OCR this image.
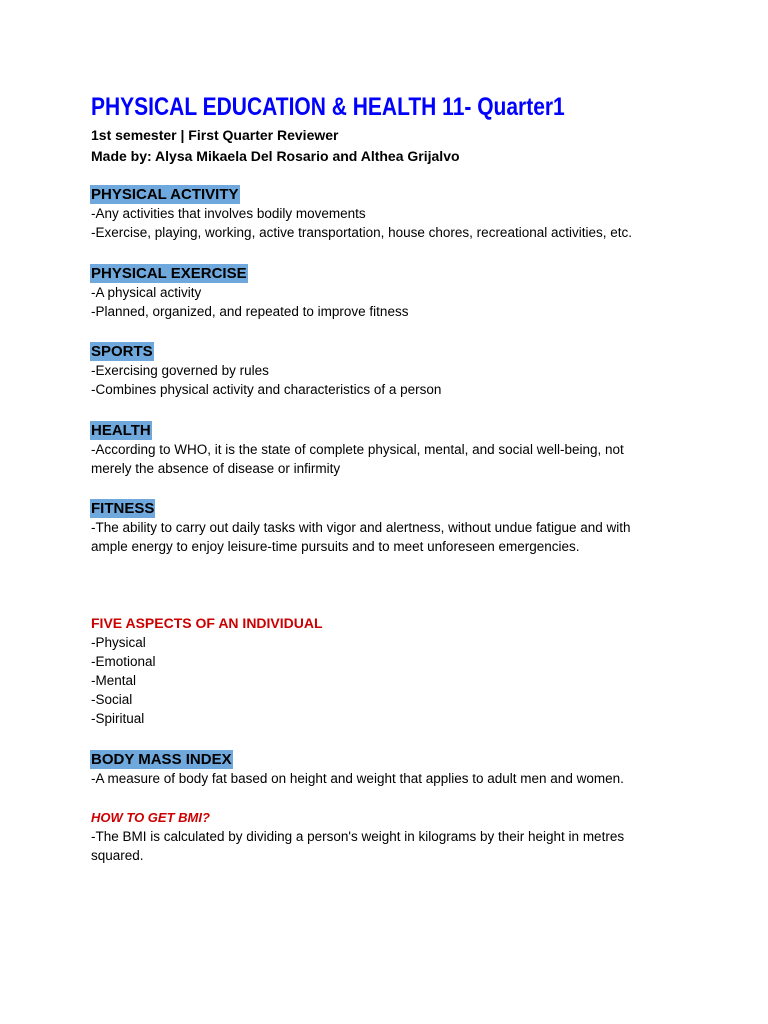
PHYSICAL EDUCATION & HEALTH 11- Quarter1

1st semester | First Quarter Reviewer

Made by: Alysa Mikaela Del Rosario and Althea Grijalvo

PHYSICAL ACTIVITY

-Any activities that involves bodily movements

-Exercise, playing, working, active transportation, house chores, recreational activities, etc.

PHYSICAL EXERCISE

-A physical activity

-Planned, organized, and repeated to improve fitness

SPORTS

-Exercising governed by rules

-Combines physical activity and characteristics of a person

HEALTH

-According to WHO, it is the state of complete physical, mental, and social well-being, not merely the absence of disease or infirmity

FITNESS

-The ability to carry out daily tasks with vigor and alertness, without undue fatigue and with ample energy to enjoy leisure-time pursuits and to meet unforeseen emergencies.

FIVE ASPECTS OF AN INDIVIDUAL

-Physical

-Emotional

-Mental

-Social

-Spiritual

BODY MASS INDEX

-A measure of body fat based on height and weight that applies to adult men and women.

HOW TO GET BMI?

-The BMI is calculated by dividing a person's weight in kilograms by their height in metres squared.
